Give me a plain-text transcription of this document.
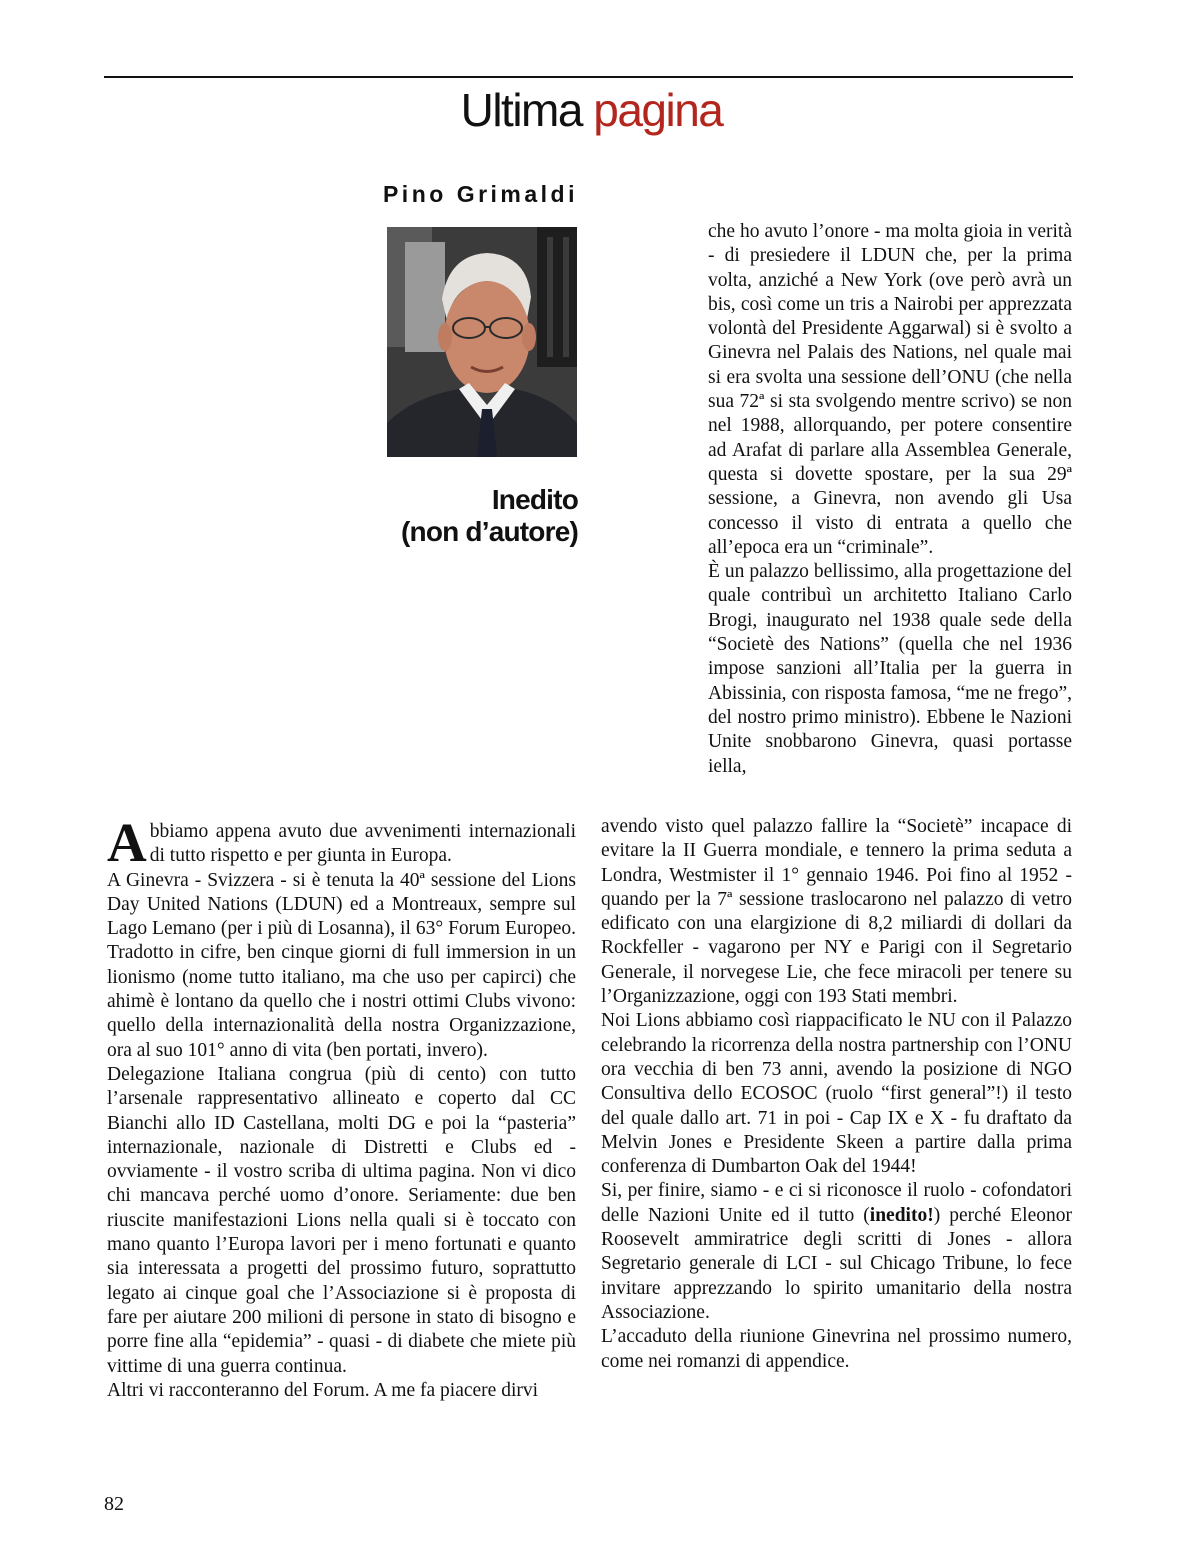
Ultima pagina
Pino Grimaldi
Inedito
(non d’autore)

Abbiamo appena avuto due avvenimenti internazionali di tutto rispetto e per giunta in Europa.

A Ginevra - Svizzera - si è tenuta la 40ª sessione del Lions Day United Nations (LDUN) ed a Montreaux, sempre sul Lago Lemano (per i più di Losanna), il 63° Forum Europeo. Tradotto in cifre, ben cinque giorni di full immersion in un lionismo (nome tutto italiano, ma che uso per capirci) che ahimè è lontano da quello che i nostri ottimi Clubs vivono: quello della internazionalità della nostra Organizzazione, ora al suo 101° anno di vita (ben portati, invero).

Delegazione Italiana congrua (più di cento) con tutto l’arsenale rappresentativo allineato e coperto dal CC Bianchi allo ID Castellana, molti DG e poi la “pasteria” internazionale, nazionale di Distretti e Clubs ed - ovviamente - il vostro scriba di ultima pagina. Non vi dico chi mancava perché uomo d’onore. Seriamente: due ben riuscite manifestazioni Lions nella quali si è toccato con mano quanto l’Europa lavori per i meno fortunati e quanto sia interessata a progetti del prossimo futuro, soprattutto legato ai cinque goal che l’Associazione si è proposta di fare per aiutare 200 milioni di persone in stato di bisogno e porre fine alla “epidemia” - quasi - di diabete che miete più vittime di una guerra continua.

Altri vi racconteranno del Forum. A me fa piacere dirvi

che ho avuto l’onore - ma molta gioia in verità - di presiedere il LDUN che, per la prima volta, anziché a New York (ove però avrà un bis, così come un tris a Nairobi per apprezzata volontà del Presidente Aggarwal) si è svolto a Ginevra nel Palais des Nations, nel quale mai si era svolta una sessione dell’ONU (che nella sua 72ª si sta svolgendo mentre scrivo) se non nel 1988, allorquando, per potere consentire ad Arafat di parlare alla Assemblea Generale, questa si dovette spostare, per la sua 29ª sessione, a Ginevra, non avendo gli Usa concesso il visto di entrata a quello che all’epoca era un “criminale”.

È un palazzo bellissimo, alla progettazione del quale contribuì un architetto Italiano Carlo Brogi, inaugurato nel 1938 quale sede della “Societè des Nations” (quella che nel 1936 impose sanzioni all’Italia per la guerra in Abissinia, con risposta famosa, “me ne frego”, del nostro primo ministro). Ebbene le Nazioni Unite snobbarono Ginevra, quasi portasse iella,

avendo visto quel palazzo fallire la “Societè” incapace di evitare la II Guerra mondiale, e tennero la prima seduta a Londra, Westmister il 1° gennaio 1946. Poi fino al 1952 - quando per la 7ª sessione traslocarono nel palazzo di vetro edificato con una elargizione di 8,2 miliardi di dollari da Rockfeller - vagarono per NY e Parigi con il Segretario Generale, il norvegese Lie, che fece miracoli per tenere su l’Organizzazione, oggi con 193 Stati membri.

Noi Lions abbiamo così riappacificato le NU con il Palazzo celebrando la ricorrenza della nostra partnership con l’ONU ora vecchia di ben 73 anni, avendo la posizione di NGO Consultiva dello ECOSOC (ruolo “first general”!) il testo del quale dallo art. 71 in poi - Cap IX e X - fu draftato da Melvin Jones e Presidente Skeen a partire dalla prima conferenza di Dumbarton Oak del 1944!

Si, per finire, siamo - e ci si riconosce il ruolo - cofondatori delle Nazioni Unite ed il tutto (inedito!) perché Eleonor Roosevelt ammiratrice degli scritti di Jones - allora Segretario generale di LCI - sul Chicago Tribune, lo fece invitare apprezzando lo spirito umanitario della nostra Associazione.

L’accaduto della riunione Ginevrina nel prossimo numero, come nei romanzi di appendice.

82
